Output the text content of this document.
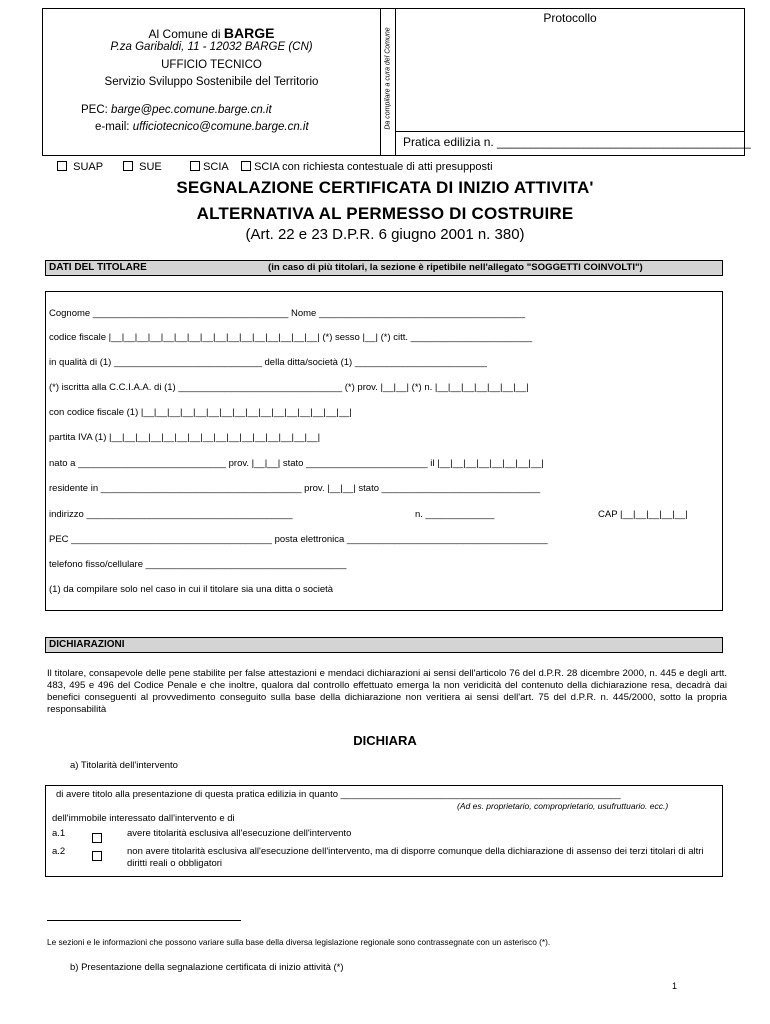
Al Comune di BARGE
P.za Garibaldi, 11 - 12032 BARGE (CN)
UFFICIO TECNICO
Servizio Sviluppo Sostenibile del Territorio
PEC: barge@pec.comune.barge.cn.it
e-mail: ufficiotecnico@comune.barge.cn.it	Da compilare a cura del Comune
Protocollo
Pratica edilizia n. ______________________________________
SUAP	SUE	SCIA	SCIA con richiesta contestuale di atti presupposti
SEGNALAZIONE CERTIFICATA DI INIZIO ATTIVITA'
ALTERNATIVA AL PERMESSO DI COSTRUIRE
(Art. 22 e 23 D.P.R. 6 giugno 2001 n. 380)
DATI DEL TITOLARE	(in caso di più titolari, la sezione è ripetibile nell'allegato "SOGGETTI COINVOLTI")
Cognome _____________________________________ Nome _______________________________________
codice fiscale |__|__|__|__|__|__|__|__|__|__|__|__|__|__|__|__| (*) sesso |__| (*) citt. _______________________
in qualità di (1) ____________________________ della ditta/società (1) _________________________
(*) iscritta alla C.C.I.A.A. di (1) _______________________________ (*) prov. |__|__| (*) n. |__|__|__|__|__|__|__|
con codice fiscale (1) |__|__|__|__|__|__|__|__|__|__|__|__|__|__|__|__|
partita IVA (1) |__|__|__|__|__|__|__|__|__|__|__|__|__|__|__|__|
nato a ____________________________ prov. |__|__| stato _______________________ il |__|__|__|__|__|__|__|__|
residente in ______________________________________ prov. |__|__| stato ______________________________
indirizzo _______________________________________	n. _____________	CAP |__|__|__|__|__|
PEC ______________________________________ posta elettronica ______________________________________
telefono fisso/cellulare ______________________________________
(1) da compilare solo nel caso in cui il titolare sia una ditta o società
DICHIARAZIONI
Il titolare, consapevole delle pene stabilite per false attestazioni e mendaci dichiarazioni ai sensi dell'articolo 76 del d.P.R. 28 dicembre 2000, n. 445 e degli artt. 483, 495 e 496 del Codice Penale e che inoltre, qualora dal controllo effettuato emerga la non veridicità del contenuto della dichiarazione resa, decadrà dai benefici conseguenti al provvedimento conseguito sulla base della dichiarazione non veritiera ai sensi dell'art. 75 del d.P.R. n. 445/2000, sotto la propria responsabilità
DICHIARA
a) Titolarità dell'intervento
di avere titolo alla presentazione di questa pratica edilizia in quanto _____________________________________________________
(Ad es. proprietario, comproprietario, usufruttuario. ecc.)
dell'immobile interessato dall'intervento e di
a.1	avere titolarità esclusiva all'esecuzione dell'intervento
a.2	non avere titolarità esclusiva all'esecuzione dell'intervento, ma di disporre comunque della dichiarazione di assenso dei terzi titolari di altri diritti reali o obbligatori
Le sezioni e le informazioni che possono variare sulla base della diversa legislazione regionale sono contrassegnate con un asterisco (*).
b) Presentazione della segnalazione certificata di inizio attività (*)
1
